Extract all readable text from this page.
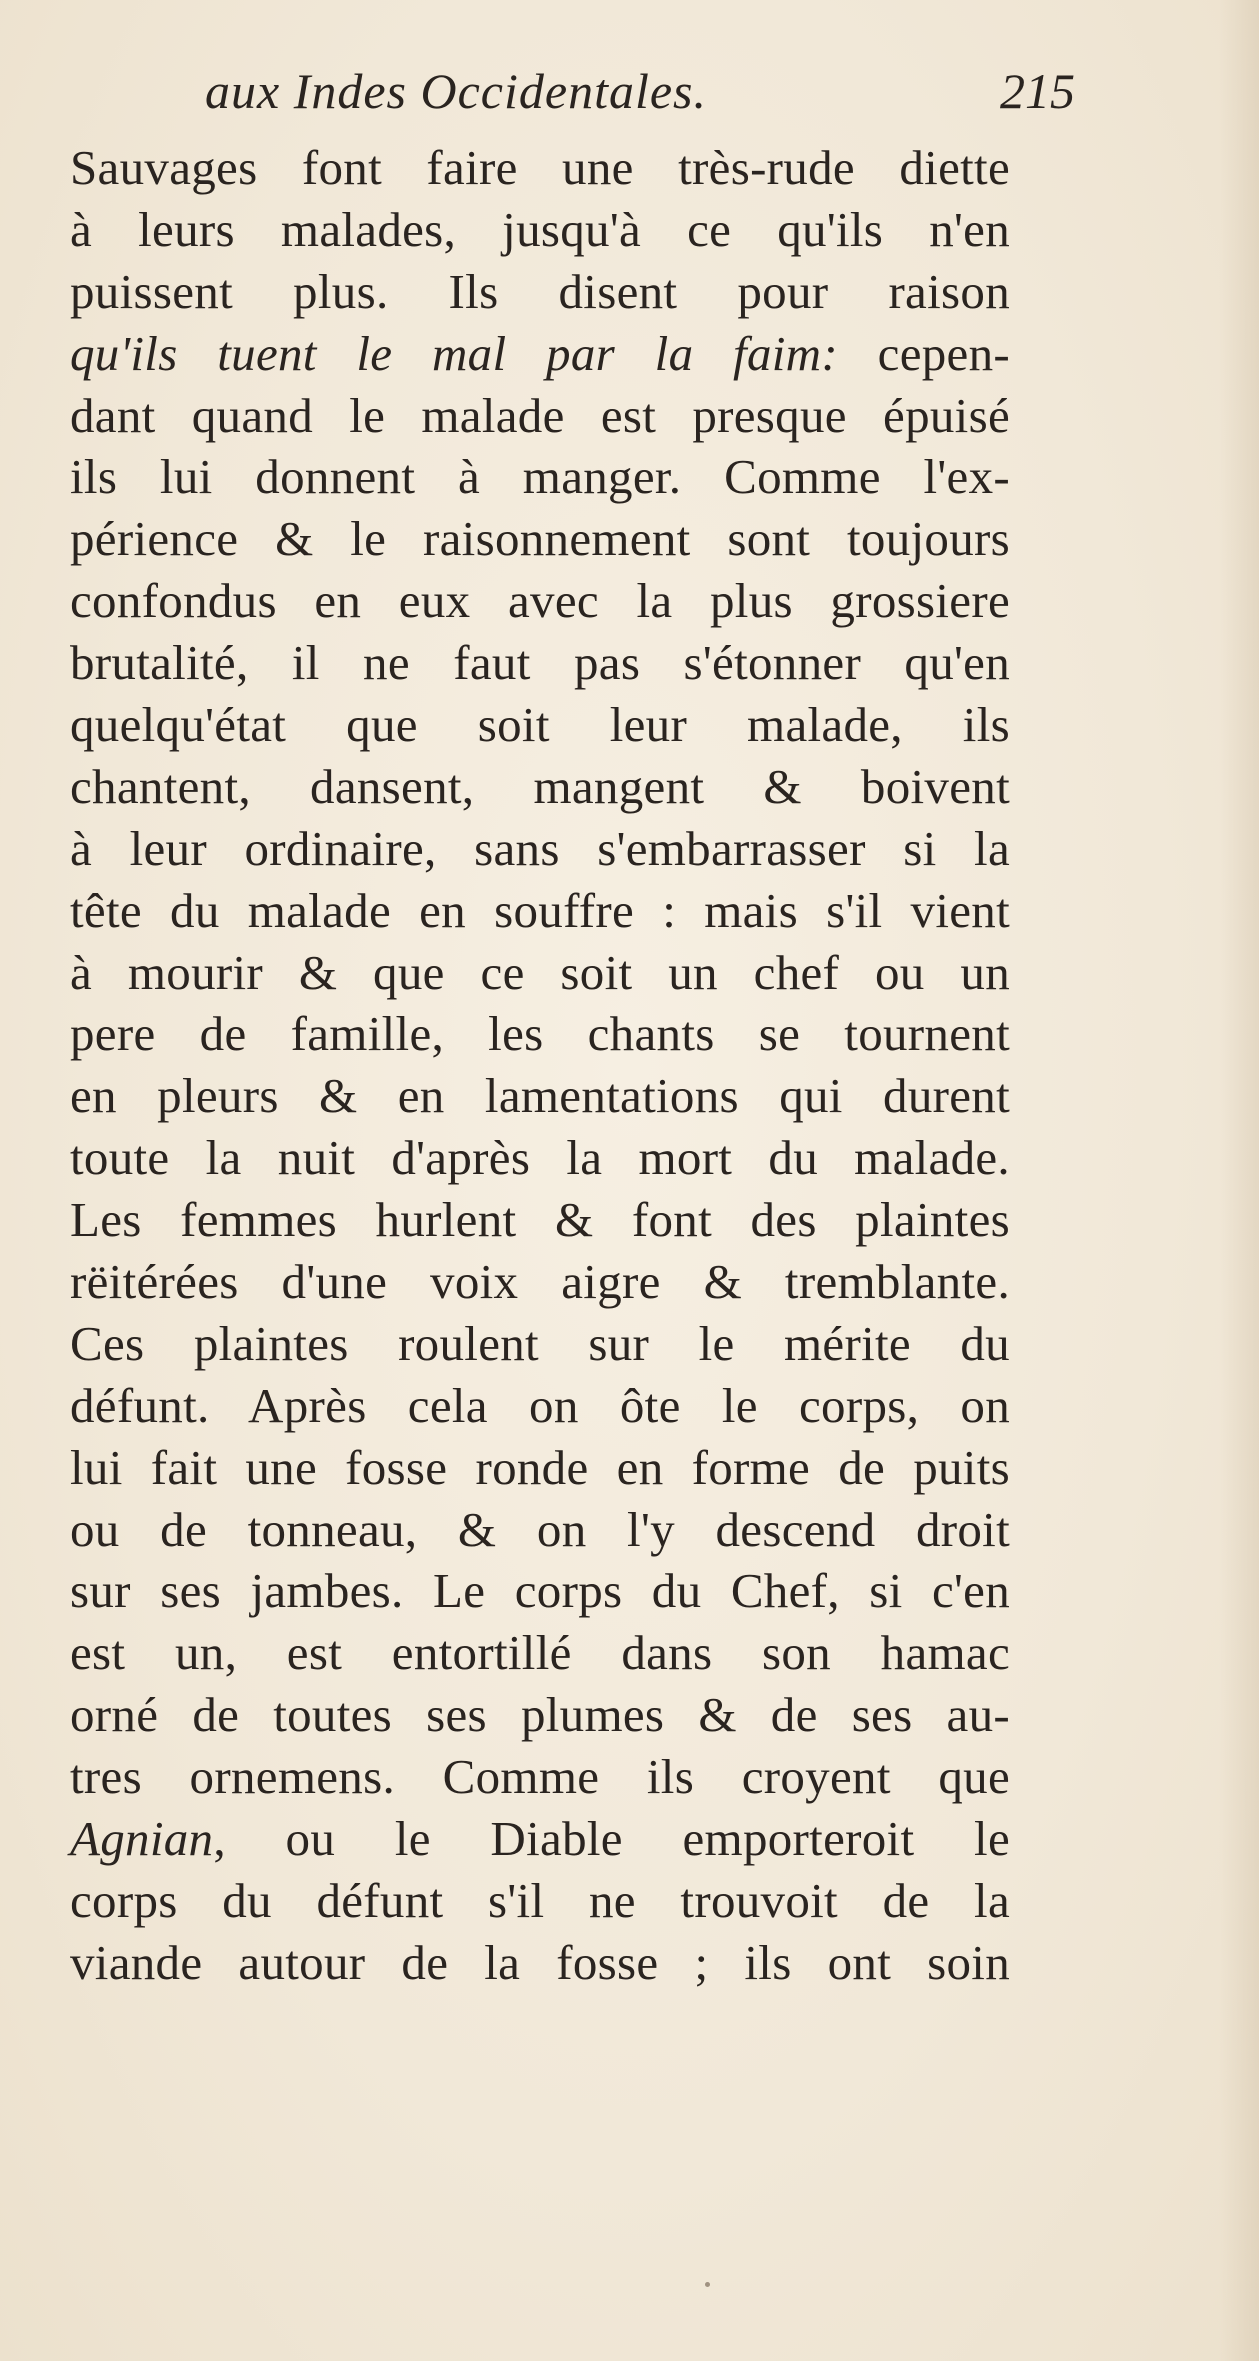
aux Indes Occidentales.	215
Sauvages font faire une très-rude diette
à leurs malades, jusqu'à ce qu'ils n'en
puissent plus. Ils disent pour raison
qu'ils tuent le mal par la faim: cepen-
dant quand le malade est presque épuisé
ils lui donnent à manger. Comme l'ex-
périence & le raisonnement sont toujours
confondus en eux avec la plus grossiere
brutalité, il ne faut pas s'étonner qu'en
quelqu'état que soit leur malade, ils
chantent, dansent, mangent & boivent
à leur ordinaire, sans s'embarrasser si la
tête du malade en souffre : mais s'il vient
à mourir & que ce soit un chef ou un
pere de famille, les chants se tournent
en pleurs & en lamentations qui durent
toute la nuit d'après la mort du malade.
Les femmes hurlent & font des plaintes
rëitérées d'une voix aigre & tremblante.
Ces plaintes roulent sur le mérite du
défunt. Après cela on ôte le corps, on
lui fait une fosse ronde en forme de puits
ou de tonneau, & on l'y descend droit
sur ses jambes. Le corps du Chef, si c'en
est un, est entortillé dans son hamac
orné de toutes ses plumes & de ses au-
tres ornemens. Comme ils croyent que
Agnian, ou le Diable emporteroit le
corps du défunt s'il ne trouvoit de la
viande autour de la fosse ; ils ont soin
